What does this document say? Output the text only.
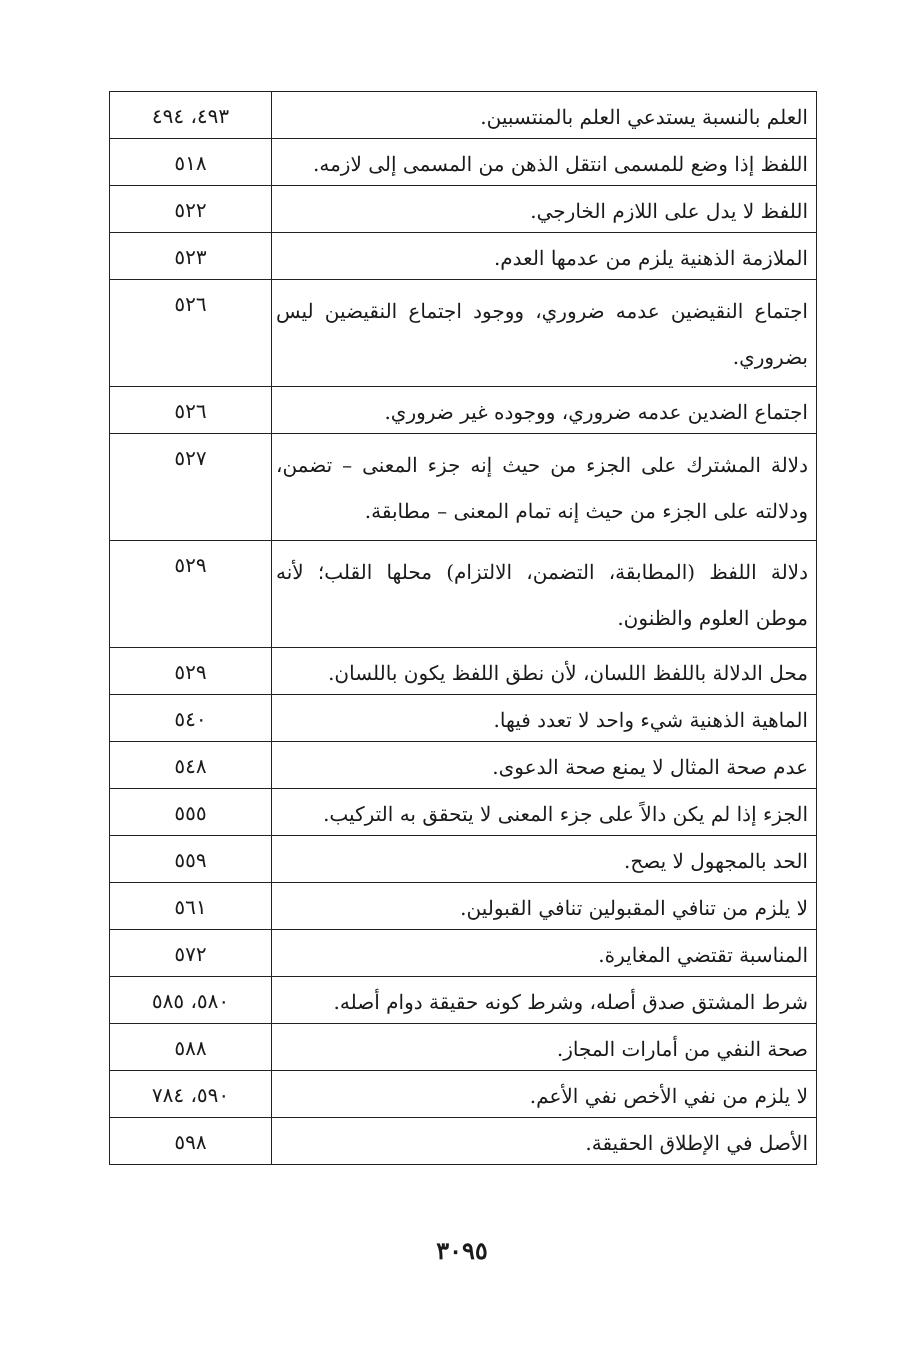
العلم بالنسبة يستدعي العلم بالمنتسبين.	٤٩٣، ٤٩٤
اللفظ إذا وضع للمسمى انتقل الذهن من المسمى إلى لازمه.	٥١٨
اللفظ لا يدل على اللازم الخارجي.	٥٢٢
الملازمة الذهنية يلزم من عدمها العدم.	٥٢٣
اجتماع النقيضين عدمه ضروري، ووجود اجتماع النقيضين ليس بضروري.	٥٢٦
اجتماع الضدين عدمه ضروري، ووجوده غير ضروري.	٥٢٦
دلالة المشترك على الجزء من حيث إنه جزء المعنى – تضمن، ودلالته على الجزء من حيث إنه تمام المعنى – مطابقة.	٥٢٧
دلالة اللفظ (المطابقة، التضمن، الالتزام) محلها القلب؛ لأنه موطن العلوم والظنون.	٥٢٩
محل الدلالة باللفظ اللسان، لأن نطق اللفظ يكون باللسان.	٥٢٩
الماهية الذهنية شيء واحد لا تعدد فيها.	٥٤٠
عدم صحة المثال لا يمنع صحة الدعوى.	٥٤٨
الجزء إذا لم يكن دالاً على جزء المعنى لا يتحقق به التركيب.	٥٥٥
الحد بالمجهول لا يصح.	٥٥٩
لا يلزم من تنافي المقبولين تنافي القبولين.	٥٦١
المناسبة تقتضي المغايرة.	٥٧٢
شرط المشتق صدق أصله، وشرط كونه حقيقة دوام أصله.	٥٨٠، ٥٨٥
صحة النفي من أمارات المجاز.	٥٨٨
لا يلزم من نفي الأخص نفي الأعم.	٥٩٠، ٧٨٤
الأصل في الإطلاق الحقيقة.	٥٩٨
٣٠٩٥
